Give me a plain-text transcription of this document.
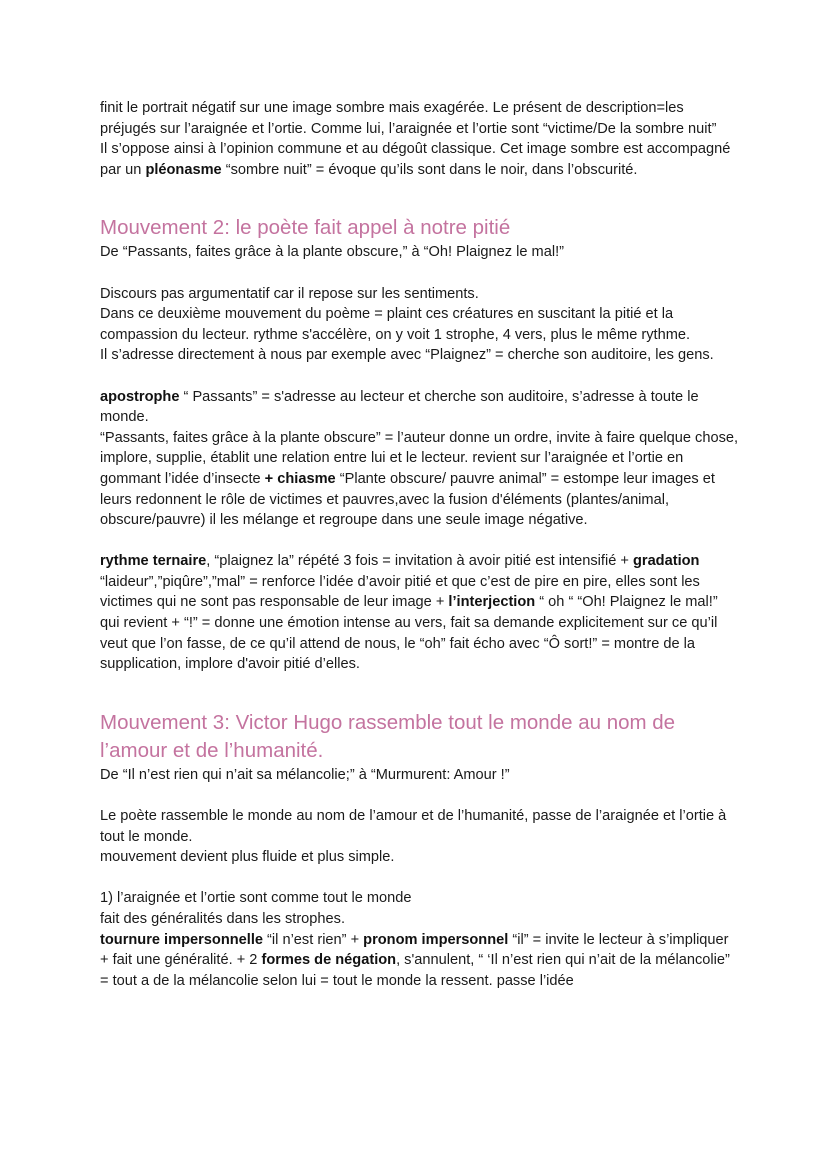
finit le portrait négatif sur une image sombre mais exagérée. Le présent de description=les préjugés sur l’araignée et l’ortie. Comme lui, l’araignée et l’ortie sont “victime/De la sombre nuit”

Il s’oppose ainsi à l’opinion commune et au dégoût classique. Cet image sombre est accompagné par un pléonasme “sombre nuit” = évoque qu’ils sont dans le noir, dans l’obscurité.

Mouvement 2: le poète fait appel à notre pitié

De “Passants, faites grâce à la plante obscure,” à “Oh! Plaignez le mal!”

Discours pas argumentatif car il repose sur les sentiments.

Dans ce deuxième mouvement du poème = plaint ces créatures en suscitant la pitié et la compassion du lecteur. rythme s'accélère, on y voit 1 strophe, 4 vers, plus le même rythme.

Il s’adresse directement à nous par exemple avec “Plaignez” = cherche son auditoire, les gens.

apostrophe “ Passants” = s'adresse au lecteur et cherche son auditoire, s’adresse à toute le monde.

“Passants, faites grâce à la plante obscure” = l’auteur donne un ordre, invite à faire quelque chose, implore, supplie, établit une relation entre lui et le lecteur. revient sur l’araignée et l’ortie en gommant l’idée d’insecte + chiasme “Plante obscure/ pauvre animal” = estompe leur images et leurs redonnent le rôle de victimes et pauvres,avec la fusion d'éléments (plantes/animal, obscure/pauvre) il les mélange et regroupe dans une seule image négative.

rythme ternaire, “plaignez la” répété 3 fois = invitation à avoir pitié est intensifié + gradation “laideur”,”piqûre”,”mal” = renforce l’idée d’avoir pitié et que c’est de pire en pire, elles sont les victimes qui ne sont pas responsable de leur image + l’interjection “ oh “ “Oh! Plaignez le mal!” qui revient + “!” = donne une émotion intense au vers, fait sa demande explicitement sur ce qu’il veut que l’on fasse, de ce qu’il attend de nous, le “oh” fait écho avec “Ô sort!” = montre de la supplication, implore d'avoir pitié d’elles.

Mouvement 3: Victor Hugo rassemble tout le monde au nom de l’amour et de l’humanité.

De “Il n’est rien qui n’ait sa mélancolie;” à “Murmurent: Amour !”

Le poète rassemble le monde au nom de l’amour et de l’humanité, passe de l’araignée et l’ortie à tout le monde.

mouvement devient plus fluide et plus simple.

1) l’araignée et l’ortie sont comme tout le monde

fait des généralités dans les strophes.

tournure impersonnelle “il n’est rien” + pronom impersonnel “il” = invite le lecteur à s’impliquer + fait une généralité. + 2 formes de négation, s'annulent, “ ‘Il n’est rien qui n’ait de la mélancolie” = tout a de la mélancolie selon lui = tout le monde la ressent. passe l’idée
